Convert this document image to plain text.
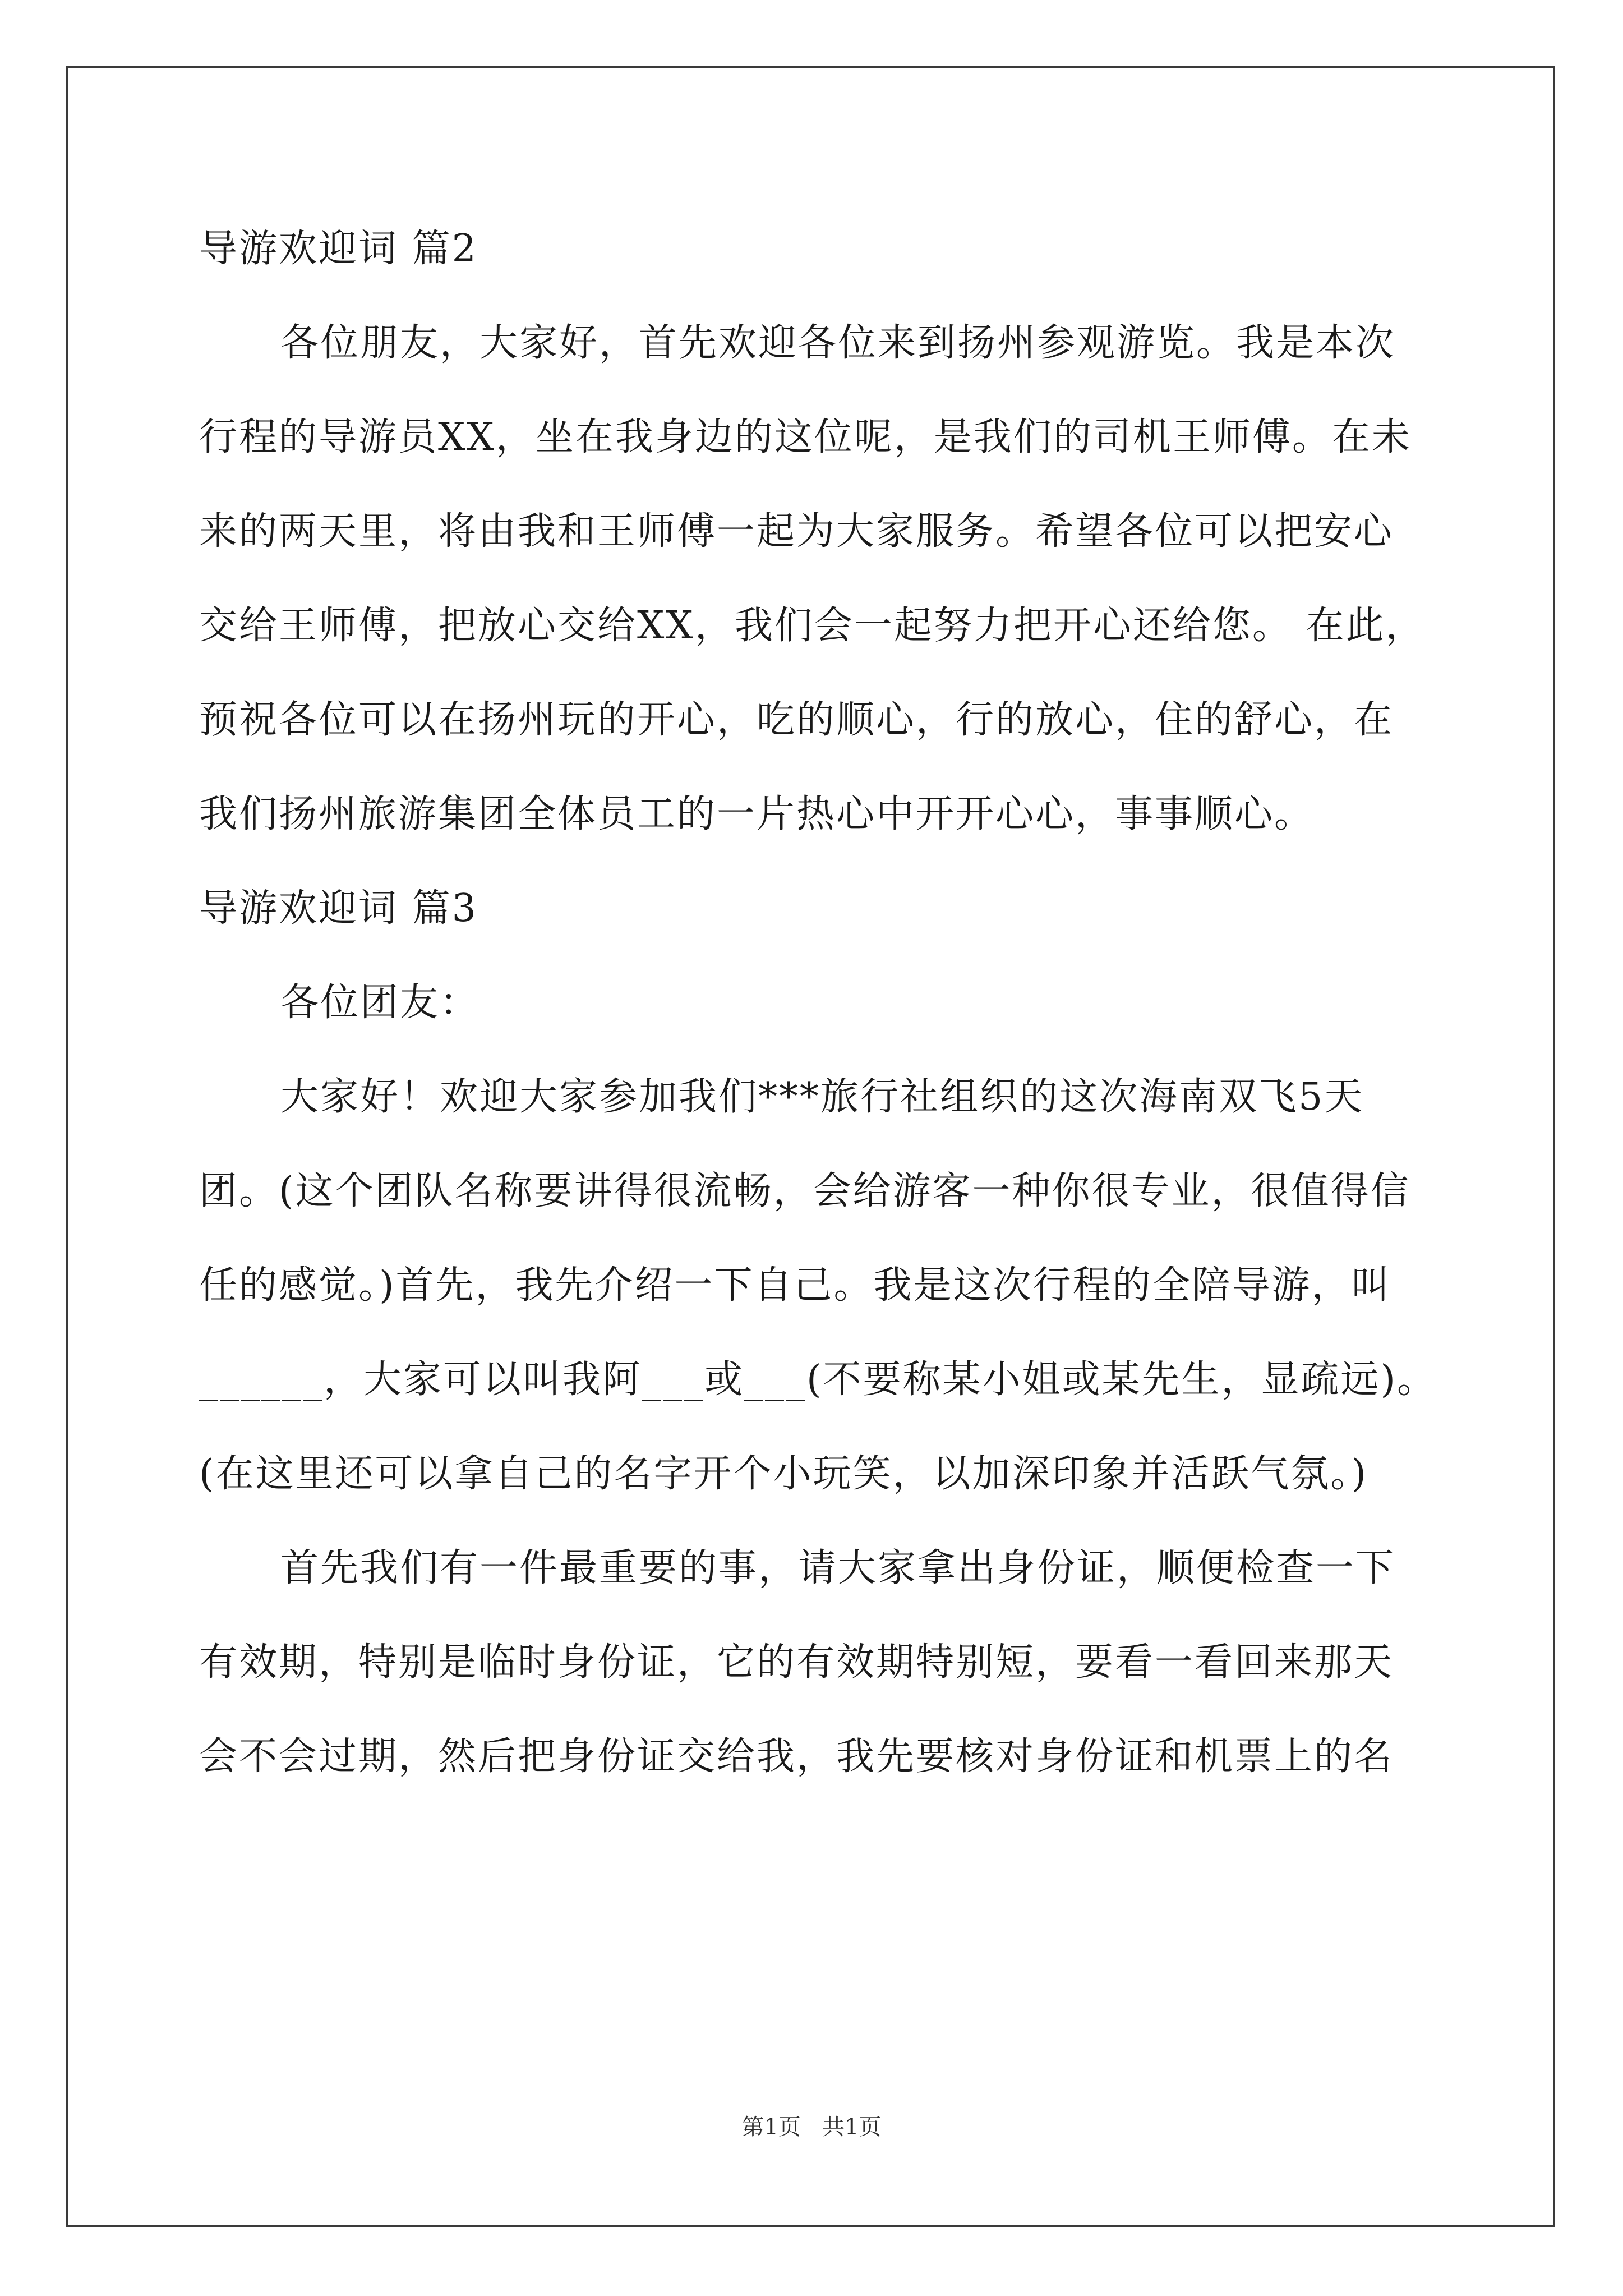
导游欢迎词 篇2
各位朋友，大家好，首先欢迎各位来到扬州参观游览。我是本次
行程的导游员XX，坐在我身边的这位呢，是我们的司机王师傅。在未
来的两天里，将由我和王师傅一起为大家服务。希望各位可以把安心
交给王师傅，把放心交给XX，我们会一起努力把开心还给您。 在此，
预祝各位可以在扬州玩的开心，吃的顺心，行的放心，住的舒心，在
我们扬州旅游集团全体员工的一片热心中开开心心，事事顺心。
导游欢迎词 篇3
各位团友：
大家好！欢迎大家参加我们***旅行社组织的这次海南双飞5天
团。(这个团队名称要讲得很流畅，会给游客一种你很专业，很值得信
任的感觉。)首先，我先介绍一下自己。我是这次行程的全陪导游，叫
______，大家可以叫我阿___或___(不要称某小姐或某先生，显疏远)。
(在这里还可以拿自己的名字开个小玩笑，以加深印象并活跃气氛。)
首先我们有一件最重要的事，请大家拿出身份证，顺便检查一下
有效期，特别是临时身份证，它的有效期特别短，要看一看回来那天
会不会过期，然后把身份证交给我，我先要核对身份证和机票上的名
第1页   共1页
